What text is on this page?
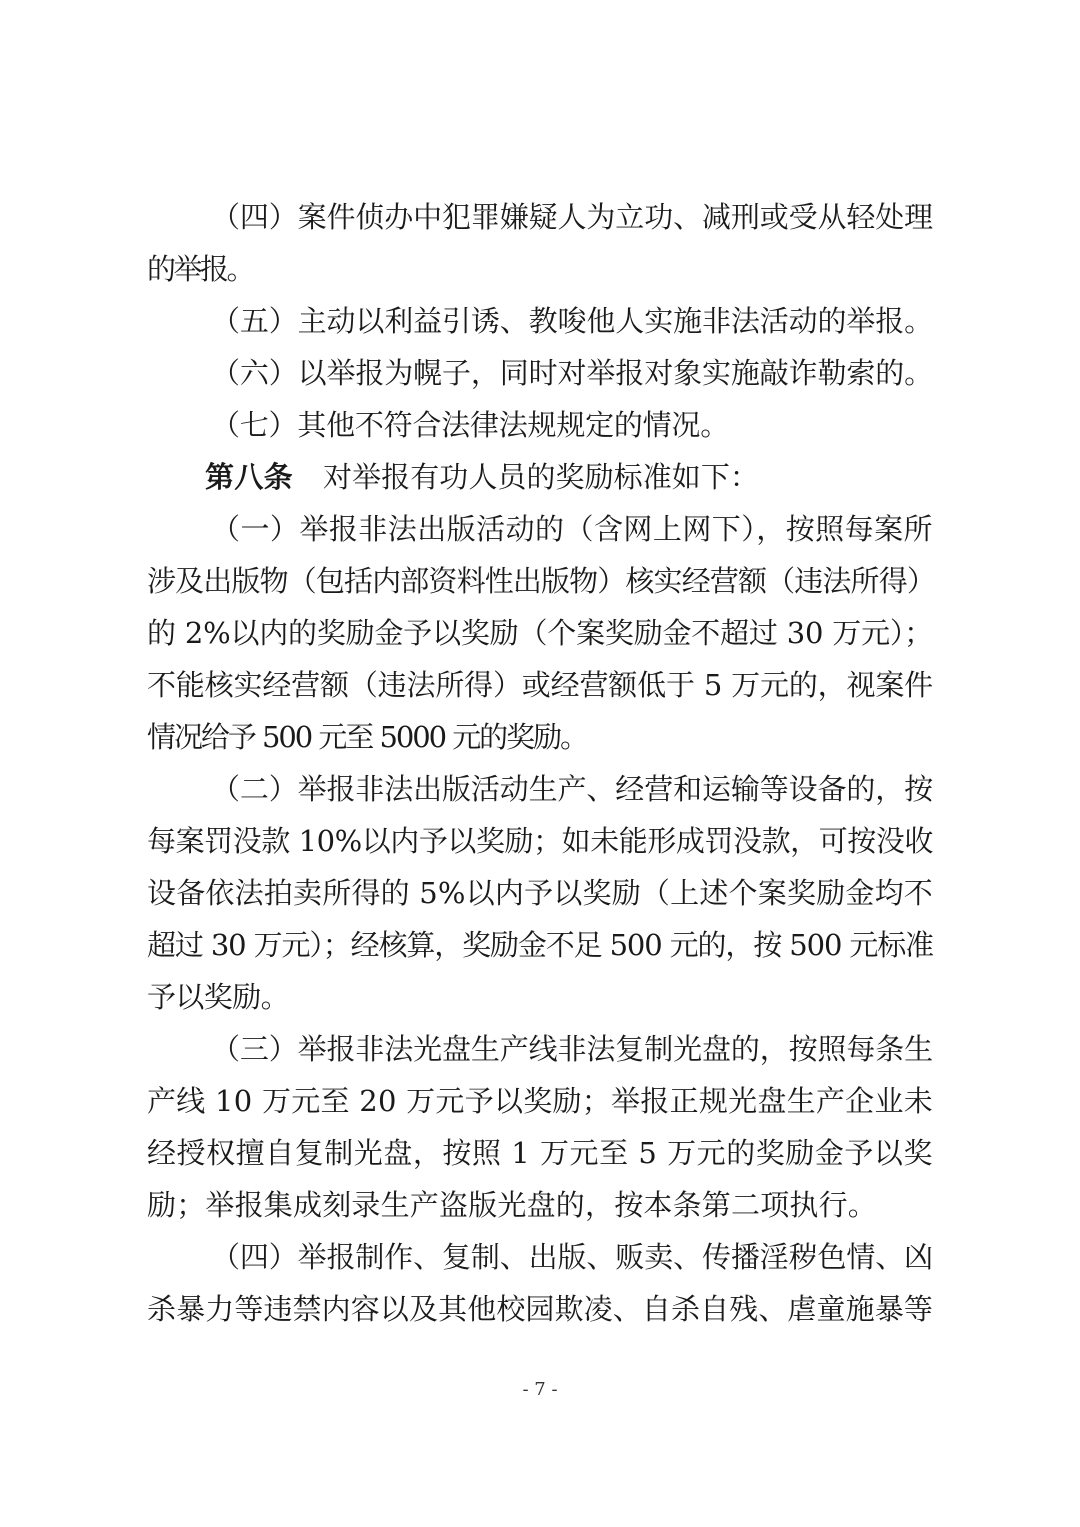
（四）案件侦办中犯罪嫌疑人为立功、减刑或受从轻处理
的举报。
（五）主动以利益引诱、教唆他人实施非法活动的举报。
（六）以举报为幌子，同时对举报对象实施敲诈勒索的。
（七）其他不符合法律法规规定的情况。
第八条 对举报有功人员的奖励标准如下：
（一）举报非法出版活动的（含网上网下），按照每案所
涉及出版物（包括内部资料性出版物）核实经营额（违法所得）
的 2%以内的奖励金予以奖励（个案奖励金不超过 30 万元）；
不能核实经营额（违法所得）或经营额低于 5 万元的，视案件
情况给予 500 元至 5000 元的奖励。
（二）举报非法出版活动生产、经营和运输等设备的，按
每案罚没款 10%以内予以奖励；如未能形成罚没款，可按没收
设备依法拍卖所得的 5%以内予以奖励（上述个案奖励金均不
超过 30 万元）；经核算，奖励金不足 500 元的，按 500 元标准
予以奖励。
（三）举报非法光盘生产线非法复制光盘的，按照每条生
产线 10 万元至 20 万元予以奖励；举报正规光盘生产企业未
经授权擅自复制光盘，按照 1 万元至 5 万元的奖励金予以奖
励；举报集成刻录生产盗版光盘的，按本条第二项执行。
（四）举报制作、复制、出版、贩卖、传播淫秽色情、凶
杀暴力等违禁内容以及其他校园欺凌、自杀自残、虐童施暴等
- 7 -
